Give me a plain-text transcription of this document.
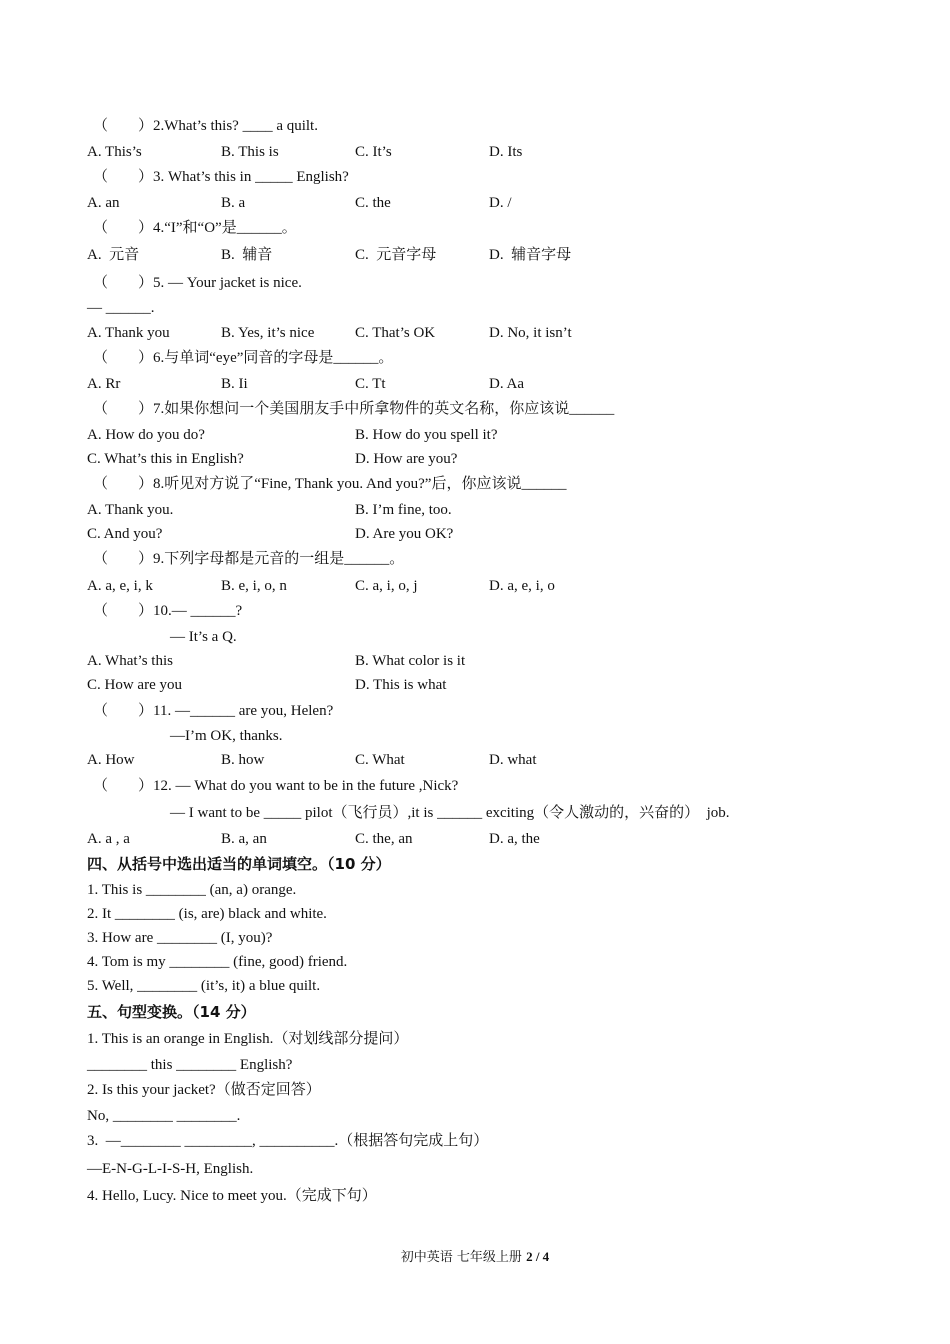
（　　）2.What’s this? ____ a quilt.
A. This’s	B. This is	C. It’s	D. Its
（　　）3. What’s this in _____ English?
A. an	B. a	C. the	D. /
（　　）4.“I”和“O”是______。
A.  元音	B.  辅音	C.  元音字母	D.  辅音字母
（　　）5. — Your jacket is nice.
— ______.
A. Thank you	B. Yes, it’s nice	C. That’s OK	D. No, it isn’t
（　　）6.与单词“eye”同音的字母是______。
A. Rr	B. Ii	C. Tt	D. Aa
（　　）7.如果你想问一个美国朋友手中所拿物件的英文名称，你应该说______
A. How do you do?	B. How do you spell it?
C. What’s this in English?	D. How are you?
（　　）8.听见对方说了“Fine, Thank you. And you?”后，你应该说______
A. Thank you.	B. I’m fine, too.
C. And you?	D. Are you OK?
（　　）9.下列字母都是元音的一组是______。
A. a, e, i, k	B. e, i, o, n	C. a, i, o, j	D. a, e, i, o
（　　）10.— ______?
— It’s a Q.
A. What’s this	B. What color is it
C. How are you	D. This is what
（　　）11. —______ are you, Helen?
—I’m OK, thanks.
A. How	B. how	C. What	D. what
（　　）12. — What do you want to be in the future ,Nick?
— I want to be _____ pilot（飞行员）,it is ______ exciting（令人激动的，兴奋的）  job.
A. a , a	B. a, an	C. the, an	D. a, the
四、从括号中选出适当的单词填空。（10 分）
1. This is ________ (an, a) orange.
2. It ________ (is, are) black and white.
3. How are ________ (I, you)?
4. Tom is my ________ (fine, good) friend.
5. Well, ________ (it’s, it) a blue quilt.
五、句型变换。（14 分）
1. This is an orange in English.（对划线部分提问）
________ this ________ English?
2. Is this your jacket?（做否定回答）
No, ________ ________.
3.  —________ _________, __________.（根据答句完成上句）
—E-N-G-L-I-S-H, English.
4. Hello, Lucy. Nice to meet you.（完成下句）
初中英语 七年级上册 2 / 4
